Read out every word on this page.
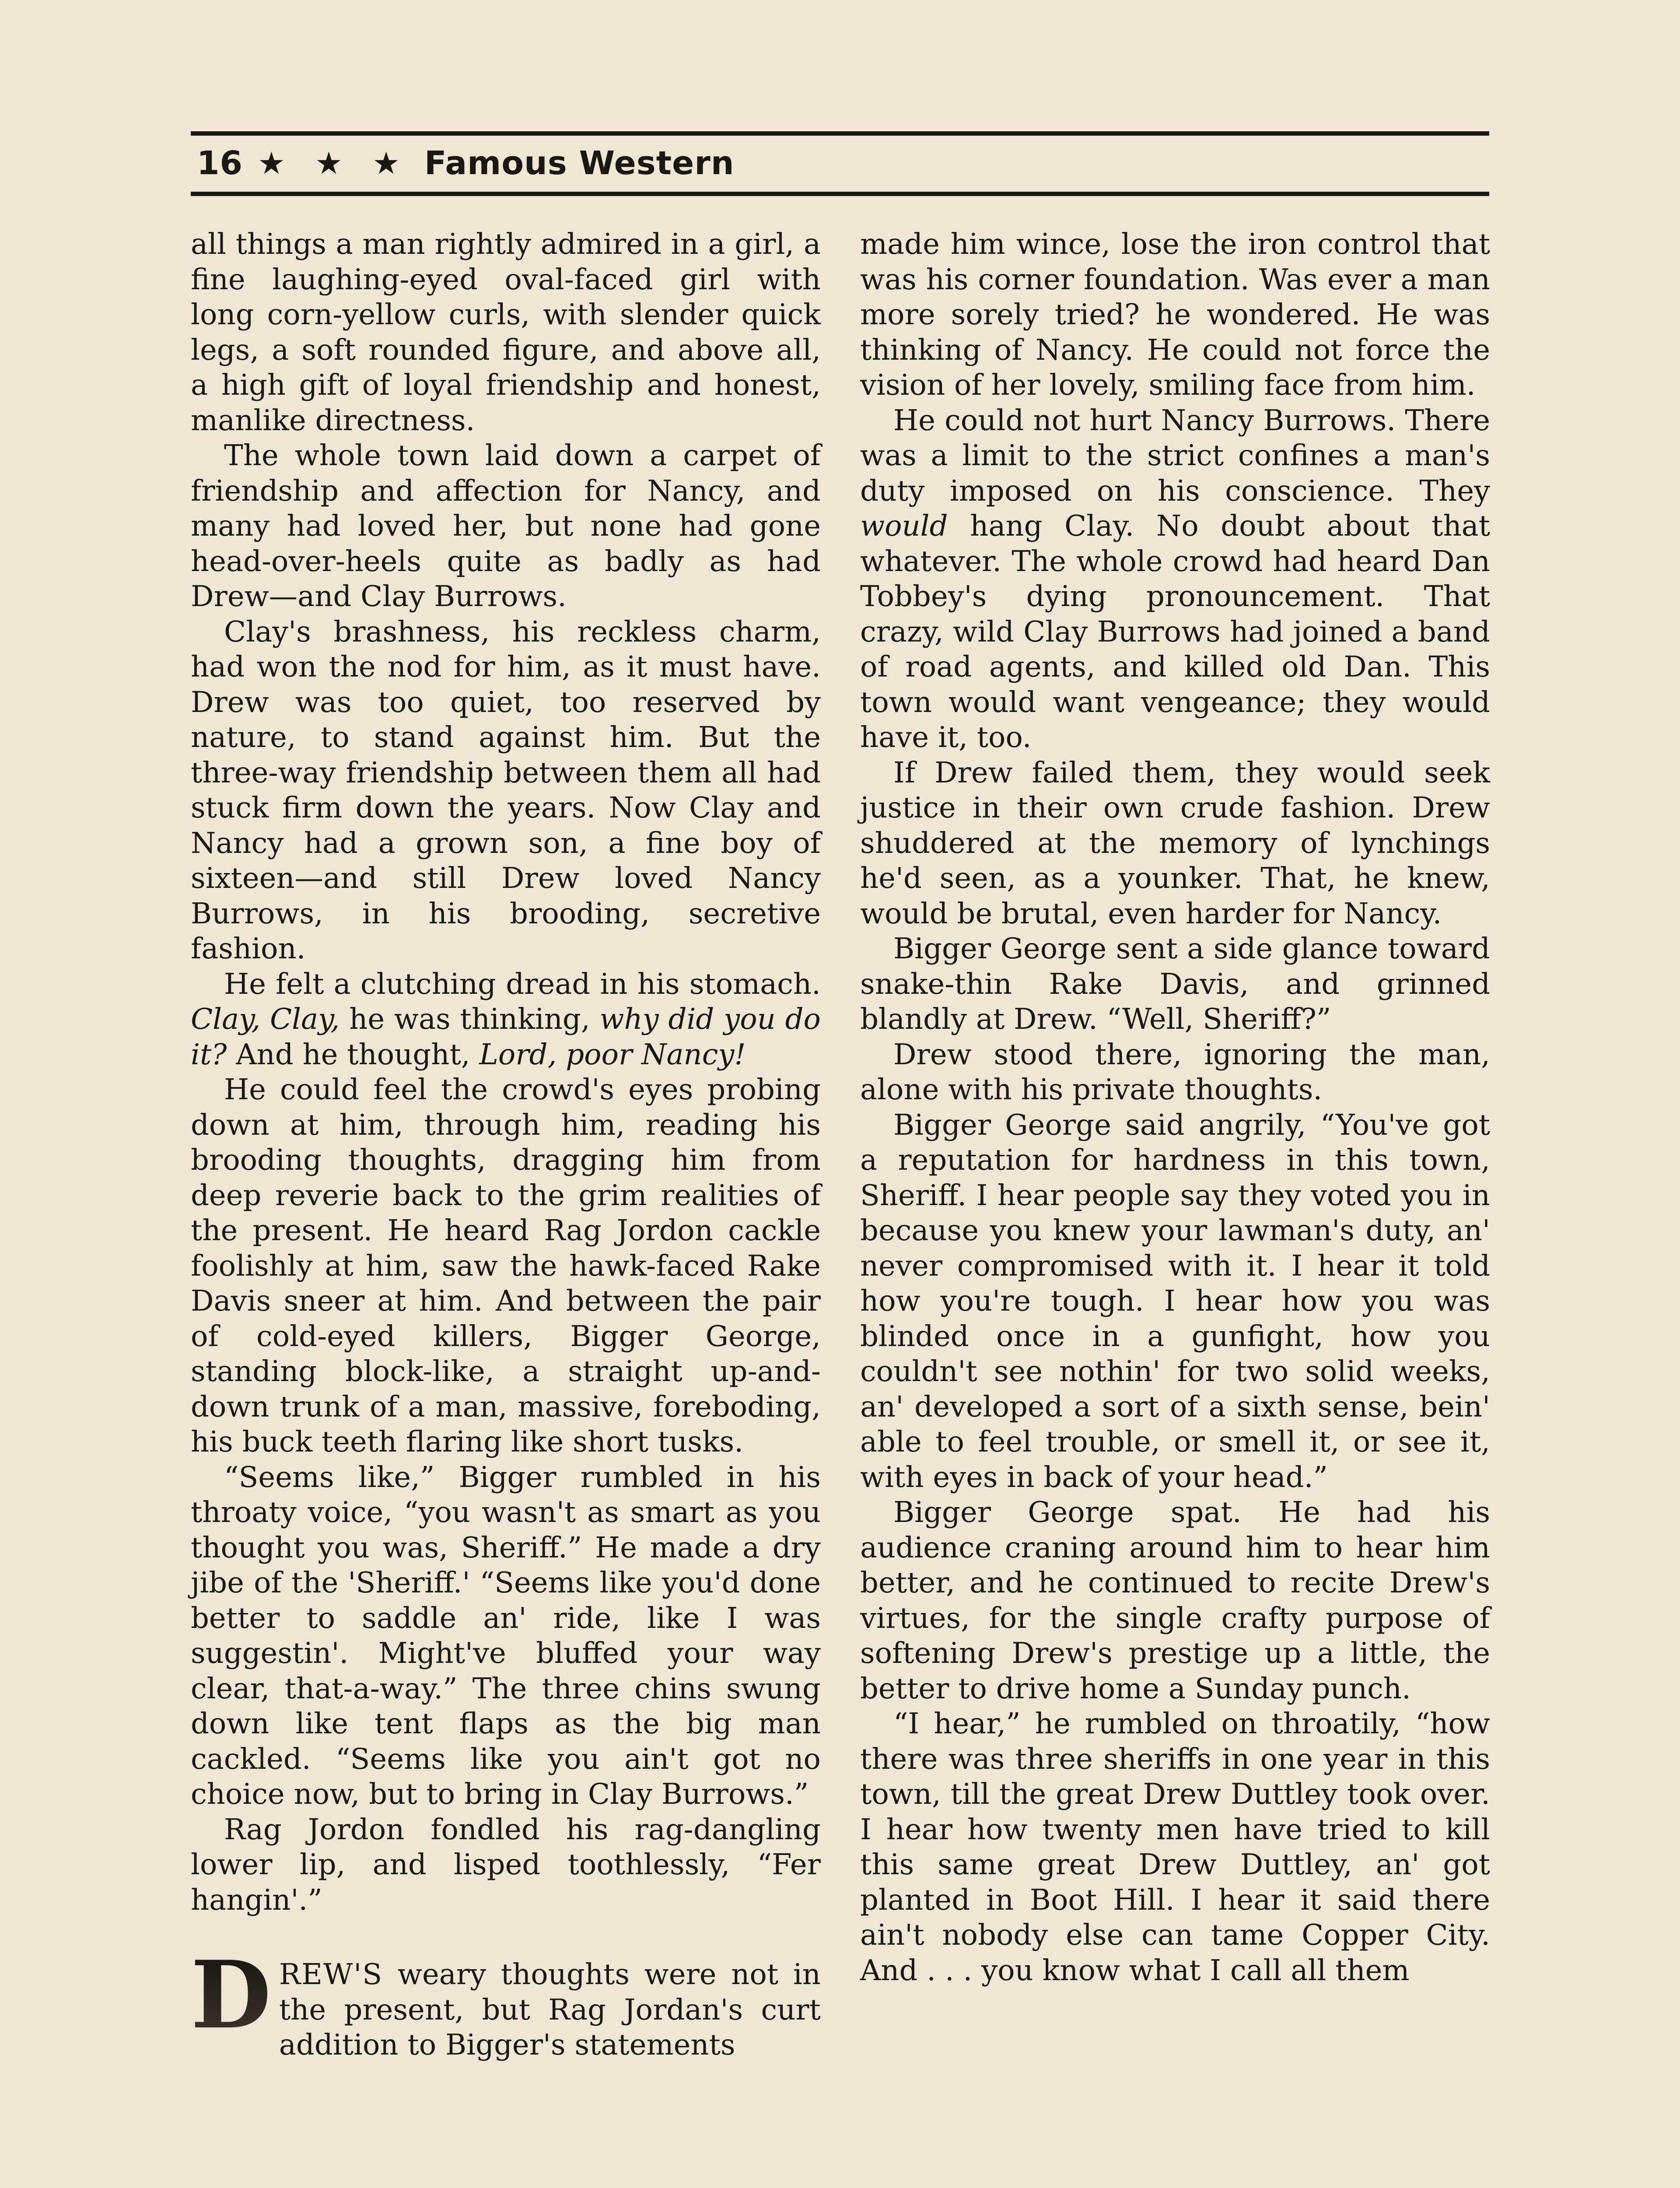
16 ★ ★ ★ Famous Western

all things a man rightly admired in a girl, a fine laughing-eyed oval-faced girl with long corn-yellow curls, with slender quick legs, a soft rounded figure, and above all, a high gift of loyal friendship and honest, manlike directness.

The whole town laid down a carpet of friendship and affection for Nancy, and many had loved her, but none had gone head-over-heels quite as badly as had Drew—and Clay Burrows.

Clay's brashness, his reckless charm, had won the nod for him, as it must have. Drew was too quiet, too reserved by nature, to stand against him. But the three-way friendship between them all had stuck firm down the years. Now Clay and Nancy had a grown son, a fine boy of sixteen—and still Drew loved Nancy Burrows, in his brooding, secretive fashion.

He felt a clutching dread in his stomach. Clay, Clay, he was thinking, why did you do it? And he thought, Lord, poor Nancy!

He could feel the crowd's eyes probing down at him, through him, reading his brooding thoughts, dragging him from deep reverie back to the grim realities of the present. He heard Rag Jordon cackle foolishly at him, saw the hawk-faced Rake Davis sneer at him. And between the pair of cold-eyed killers, Bigger George, standing block-like, a straight up-and-down trunk of a man, massive, foreboding, his buck teeth flaring like short tusks.

“Seems like,” Bigger rumbled in his throaty voice, “you wasn't as smart as you thought you was, Sheriff.” He made a dry jibe of the 'Sheriff.' “Seems like you'd done better to saddle an' ride, like I was suggestin'. Might've bluffed your way clear, that-a-way.” The three chins swung down like tent flaps as the big man cackled. “Seems like you ain't got no choice now, but to bring in Clay Burrows.”

Rag Jordon fondled his rag-dangling lower lip, and lisped toothlessly, “Fer hangin'.”

D REW'S weary thoughts were not in the present, but Rag Jordan's curt addition to Bigger's statements

made him wince, lose the iron control that was his corner foundation. Was ever a man more sorely tried? he wondered. He was thinking of Nancy. He could not force the vision of her lovely, smiling face from him.

He could not hurt Nancy Burrows. There was a limit to the strict confines a man's duty imposed on his conscience. They would hang Clay. No doubt about that whatever. The whole crowd had heard Dan Tobbey's dying pronouncement. That crazy, wild Clay Burrows had joined a band of road agents, and killed old Dan. This town would want vengeance; they would have it, too.

If Drew failed them, they would seek justice in their own crude fashion. Drew shuddered at the memory of lynchings he'd seen, as a younker. That, he knew, would be brutal, even harder for Nancy.

Bigger George sent a side glance toward snake-thin Rake Davis, and grinned blandly at Drew. “Well, Sheriff?”

Drew stood there, ignoring the man, alone with his private thoughts.

Bigger George said angrily, “You've got a reputation for hardness in this town, Sheriff. I hear people say they voted you in because you knew your lawman's duty, an' never compromised with it. I hear it told how you're tough. I hear how you was blinded once in a gunfight, how you couldn't see nothin' for two solid weeks, an' developed a sort of a sixth sense, bein' able to feel trouble, or smell it, or see it, with eyes in back of your head.”

Bigger George spat. He had his audience craning around him to hear him better, and he continued to recite Drew's virtues, for the single crafty purpose of softening Drew's prestige up a little, the better to drive home a Sunday punch.

“I hear,” he rumbled on throatily, “how there was three sheriffs in one year in this town, till the great Drew Duttley took over. I hear how twenty men have tried to kill this same great Drew Duttley, an' got planted in Boot Hill. I hear it said there ain't nobody else can tame Copper City. And . . . you know what I call all them
